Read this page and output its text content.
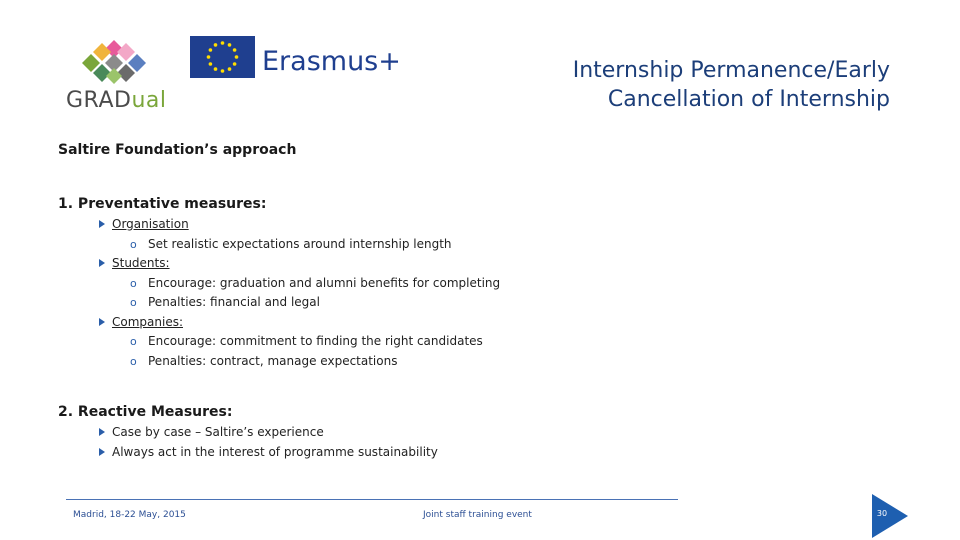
GRADual
Erasmus+	Internship Permanence/Early
Cancellation of Internship
Saltire Foundation’s approach
1. Preventative measures:
Organisation
o Set realistic expectations around internship length
Students:
o Encourage: graduation and alumni benefits for completing
o Penalties: financial and legal
Companies:
o Encourage: commitment to finding the right candidates
o Penalties: contract, manage expectations
2. Reactive Measures:
Case by case – Saltire’s experience
Always act in the interest of programme sustainability
Madrid, 18-22 May, 2015	Joint staff training event	30
